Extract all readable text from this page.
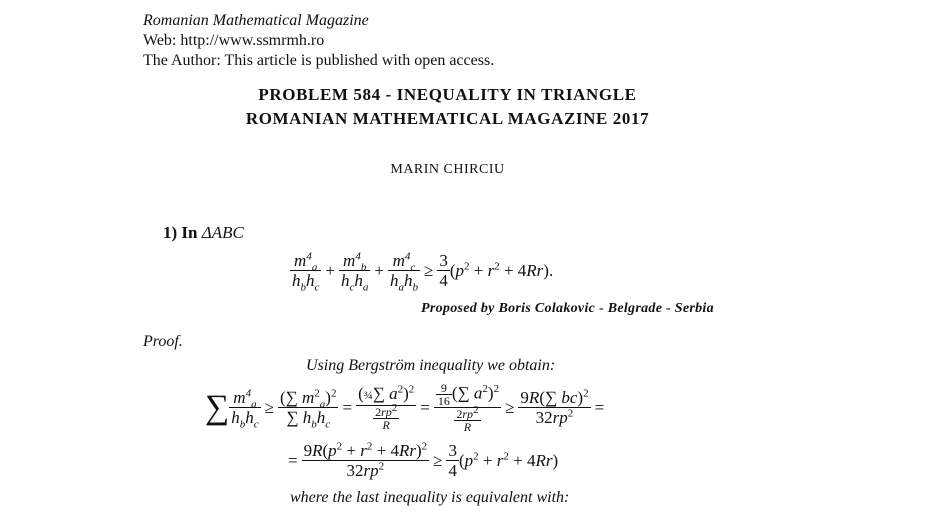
Romanian Mathematical Magazine
Web: http://www.ssmrmh.ro
The Author: This article is published with open access.
PROBLEM 584 - INEQUALITY IN TRIANGLE
ROMANIAN MATHEMATICAL MAGAZINE 2017
MARIN CHIRCIU
1) In ΔABC
$\frac{m^4_a}{h_bh_c} + \frac{m^4_b}{h_ch_a} + \frac{m^4_c}{h_ah_b} \ge \frac{3}{4} (p^2 + r^2 + 4Rr)$.
Proposed by Boris Colakovic - Belgrade - Serbia
Proof.
Using Bergström inequality we obtain:
∑ $\frac{m^4_a}{h_bh_c} \ge \frac{(\sum m^2_a)^2}{\sum h_bh_c} = \frac{(\frac{3}{4}\sum a^2)^2}{\frac{2rp^2}{R}} = \frac{\frac{9}{16} (\sum a^2)^2}{\frac{2rp^2}{R}} \ge \frac{9R(\sum bc)^2}{32rp^2}$ =
= $\frac{9R(p^2 + r^2 + 4Rr)^2}{32rp^2} \ge \frac{3}{4} (p^2 + r^2 + 4Rr)$
where the last inequality is equivalent with:
